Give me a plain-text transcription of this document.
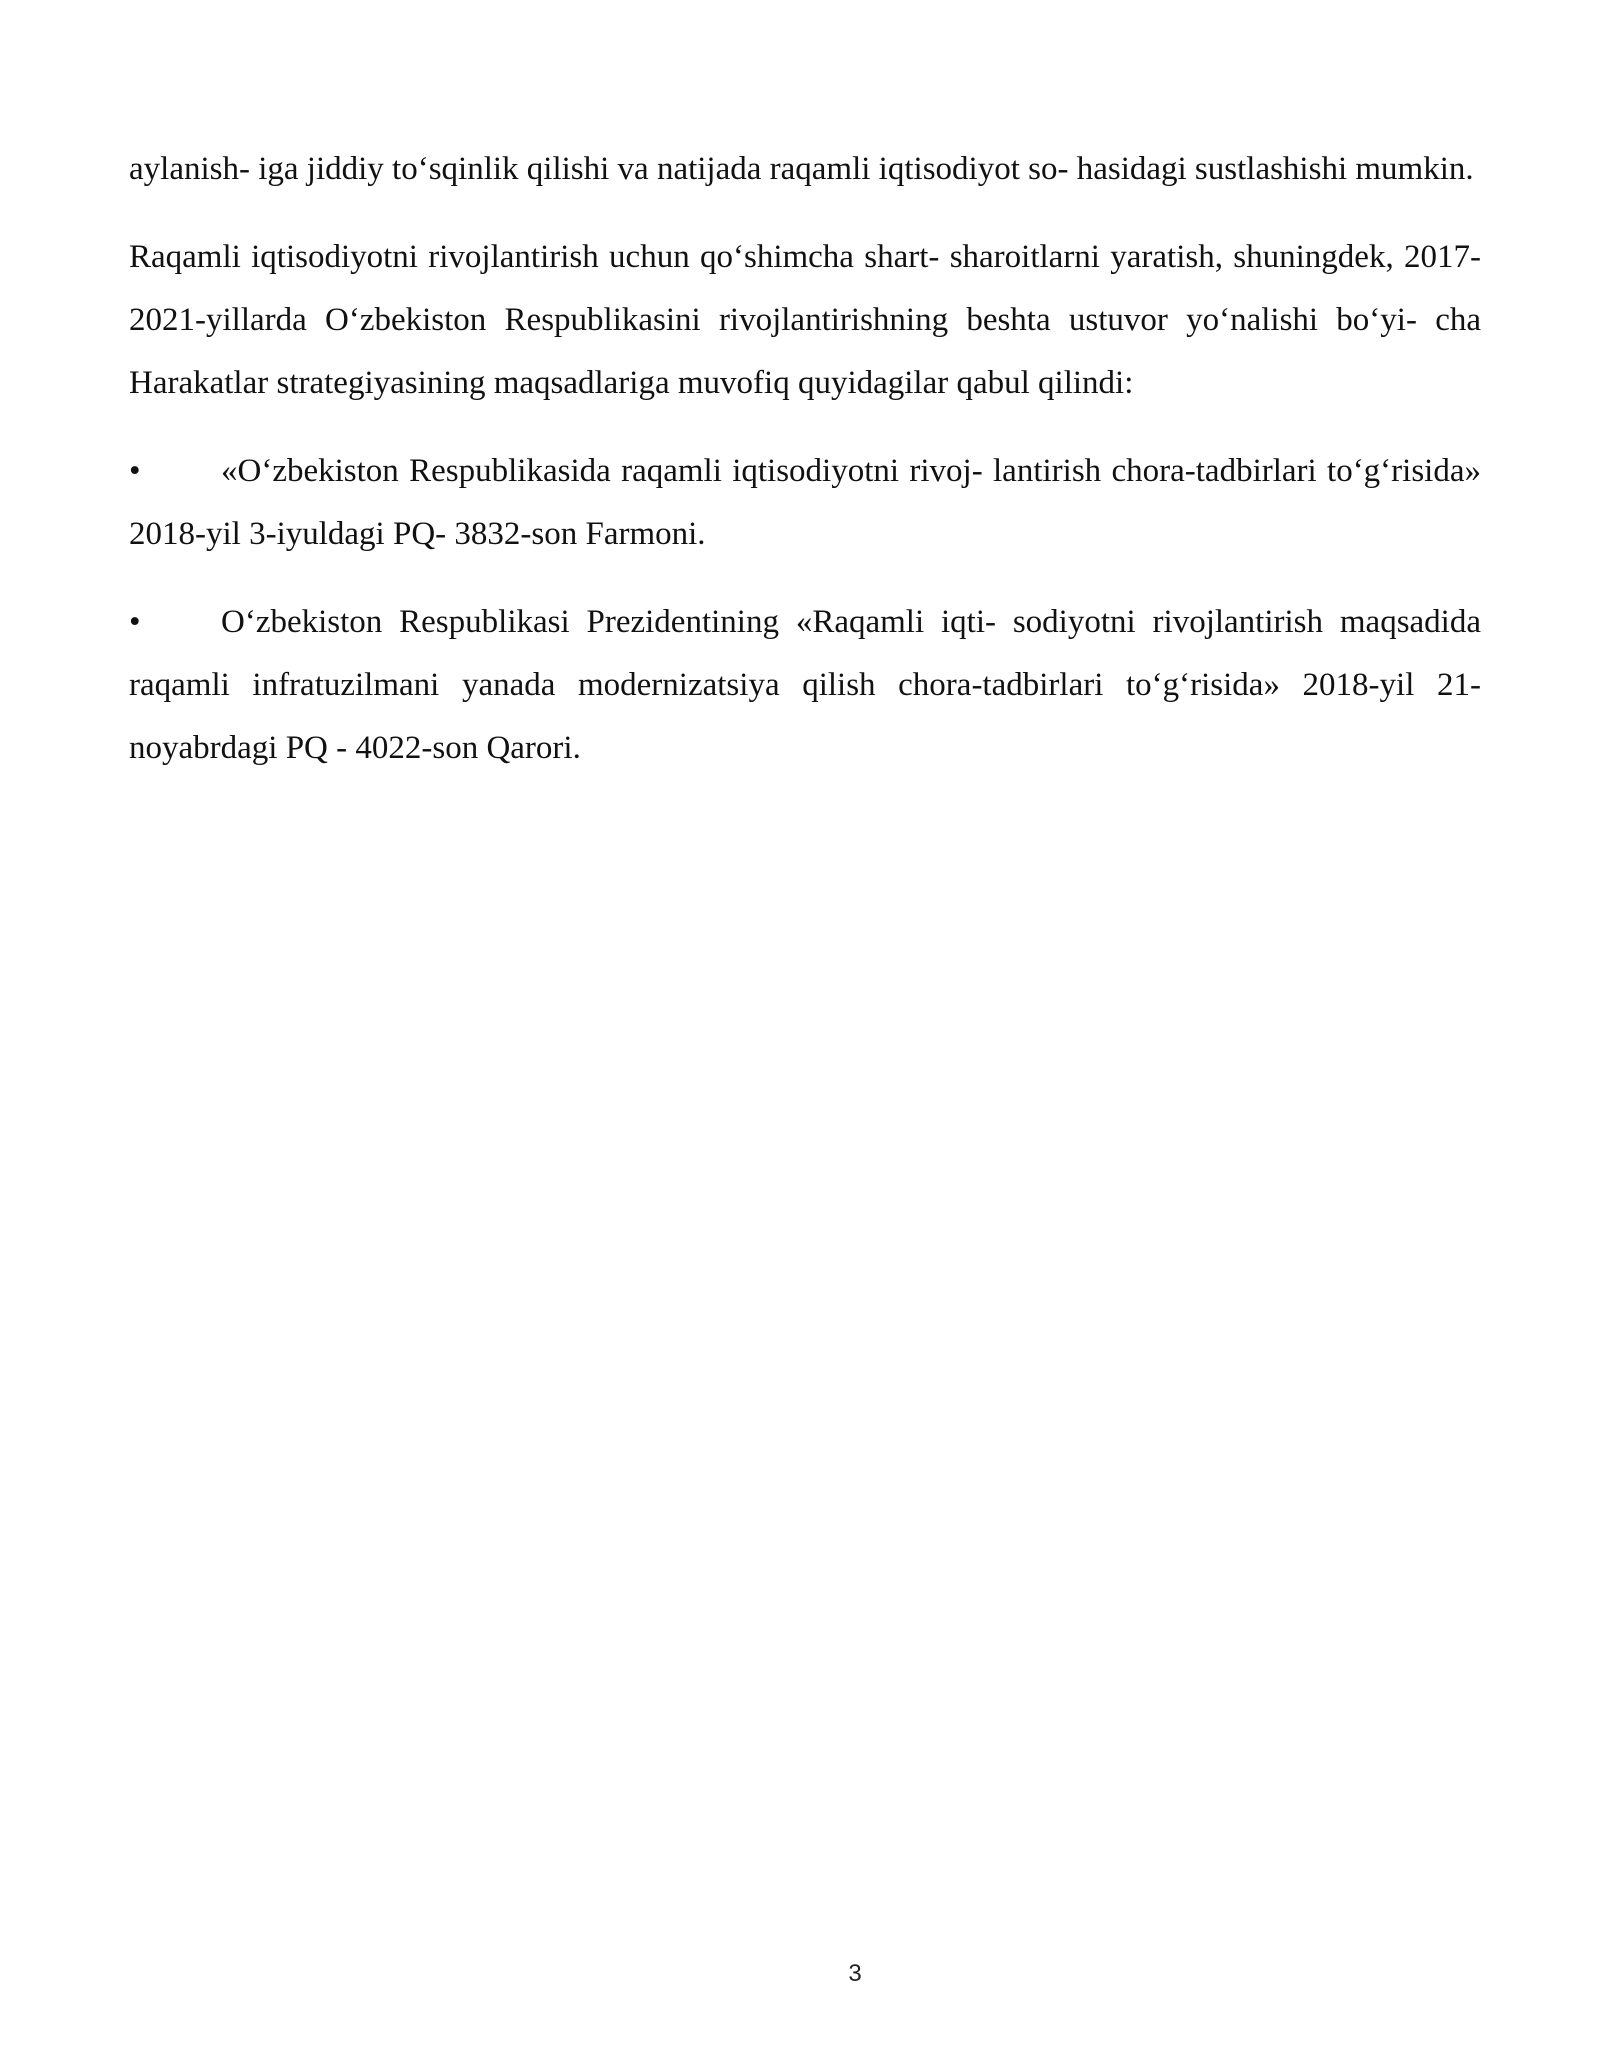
aylanish- iga jiddiy to‘sqinlik qilishi va natijada raqamli iqtisodiyot so- hasidagi sustlashishi mumkin.

Raqamli iqtisodiyotni rivojlantirish uchun qo‘shimcha shart- sharoitlarni yaratish, shuningdek, 2017-2021-yillarda O‘zbekiston Respublikasini rivojlantirishning beshta ustuvor yo‘nalishi bo‘yi- cha Harakatlar strategiyasining maqsadlariga muvofiq quyidagilar qabul qilindi:

• «O‘zbekiston Respublikasida raqamli iqtisodiyotni rivoj- lantirish chora-tadbirlari to‘g‘risida» 2018-yil 3-iyuldagi PQ- 3832-son Farmoni.

• O‘zbekiston Respublikasi Prezidentining «Raqamli iqti- sodiyotni rivojlantirish maqsadida raqamli infratuzilmani yanada modernizatsiya qilish chora-tadbirlari to‘g‘risida» 2018-yil 21- noyabrdagi PQ - 4022-son Qarori.

3
